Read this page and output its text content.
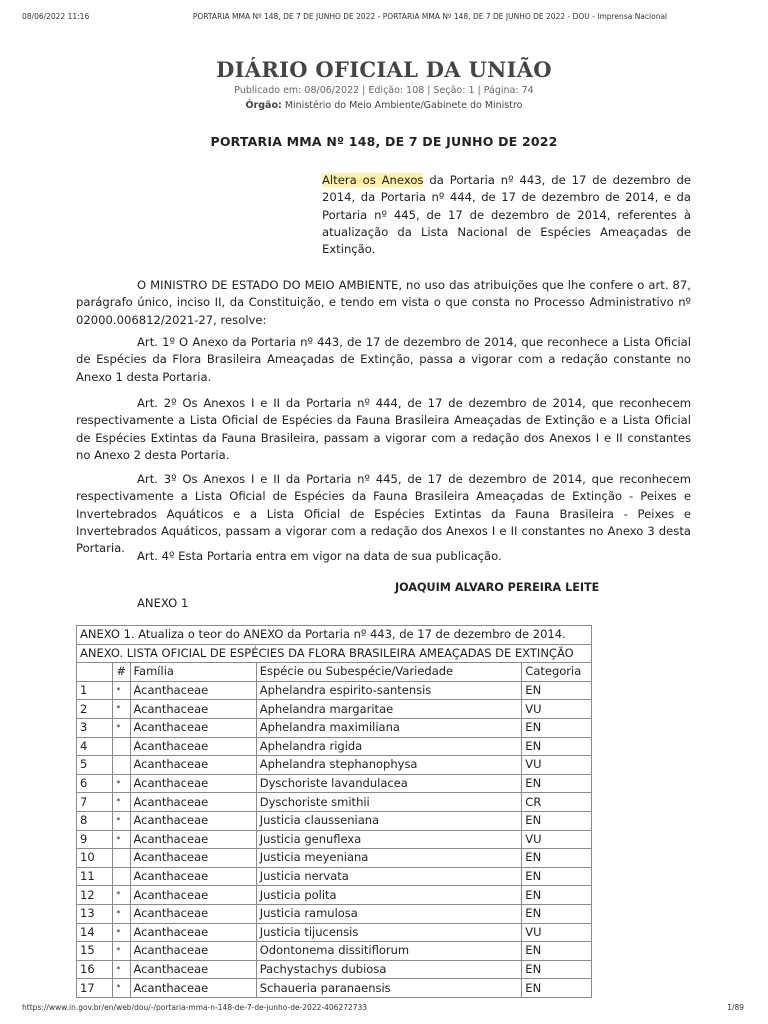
08/06/2022 11:16	PORTARIA MMA Nº 148, DE 7 DE JUNHO DE 2022 - PORTARIA MMA Nº 148, DE 7 DE JUNHO DE 2022 - DOU - Imprensa Nacional
DIÁRIO OFICIAL DA UNIÃO
Publicado em: 08/06/2022 | Edição: 108 | Seção: 1 | Página: 74
Órgão: Ministério do Meio Ambiente/Gabinete do Ministro
PORTARIA MMA Nº 148, DE 7 DE JUNHO DE 2022
Altera os Anexos da Portaria nº 443, de 17 de dezembro de 2014, da Portaria nº 444, de 17 de dezembro de 2014, e da Portaria nº 445, de 17 de dezembro de 2014, referentes à atualização da Lista Nacional de Espécies Ameaçadas de Extinção.
O MINISTRO DE ESTADO DO MEIO AMBIENTE, no uso das atribuições que lhe confere o art. 87, parágrafo único, inciso II, da Constituição, e tendo em vista o que consta no Processo Administrativo nº 02000.006812/2021-27, resolve:
Art. 1º O Anexo da Portaria nº 443, de 17 de dezembro de 2014, que reconhece a Lista Oficial de Espécies da Flora Brasileira Ameaçadas de Extinção, passa a vigorar com a redação constante no Anexo 1 desta Portaria.
Art. 2º Os Anexos I e II da Portaria nº 444, de 17 de dezembro de 2014, que reconhecem respectivamente a Lista Oficial de Espécies da Fauna Brasileira Ameaçadas de Extinção e a Lista Oficial de Espécies Extintas da Fauna Brasileira, passam a vigorar com a redação dos Anexos I e II constantes no Anexo 2 desta Portaria.
Art. 3º Os Anexos I e II da Portaria nº 445, de 17 de dezembro de 2014, que reconhecem respectivamente a Lista Oficial de Espécies da Fauna Brasileira Ameaçadas de Extinção - Peixes e Invertebrados Aquáticos e a Lista Oficial de Espécies Extintas da Fauna Brasileira - Peixes e Invertebrados Aquáticos, passam a vigorar com a redação dos Anexos I e II constantes no Anexo 3 desta Portaria.
Art. 4º Esta Portaria entra em vigor na data de sua publicação.
JOAQUIM ALVARO PEREIRA LEITE
ANEXO 1
ANEXO 1. Atualiza o teor do ANEXO da Portaria nº 443, de 17 de dezembro de 2014.				
ANEXO. LISTA OFICIAL DE ESPÉCIES DA FLORA BRASILEIRA AMEAÇADAS DE EXTINÇÃO				
	#	Família	Espécie ou Subespécie/Variedade	Categoria
1	*	Acanthaceae	Aphelandra espirito-santensis	EN
2	*	Acanthaceae	Aphelandra margaritae	VU
3	*	Acanthaceae	Aphelandra maximiliana	EN
4		Acanthaceae	Aphelandra rigida	EN
5		Acanthaceae	Aphelandra stephanophysa	VU
6	*	Acanthaceae	Dyschoriste lavandulacea	EN
7	*	Acanthaceae	Dyschoriste smithii	CR
8	*	Acanthaceae	Justicia clausseniana	EN
9	*	Acanthaceae	Justicia genuflexa	VU
10		Acanthaceae	Justicia meyeniana	EN
11		Acanthaceae	Justicia nervata	EN
12	*	Acanthaceae	Justicia polita	EN
13	*	Acanthaceae	Justicia ramulosa	EN
14	*	Acanthaceae	Justicia tijucensis	VU
15	*	Acanthaceae	Odontonema dissitiflorum	EN
16	*	Acanthaceae	Pachystachys dubiosa	EN
17	*	Acanthaceae	Schaueria paranaensis	EN
https://www.in.gov.br/en/web/dou/-/portaria-mma-n-148-de-7-de-junho-de-2022-406272733	1/89
